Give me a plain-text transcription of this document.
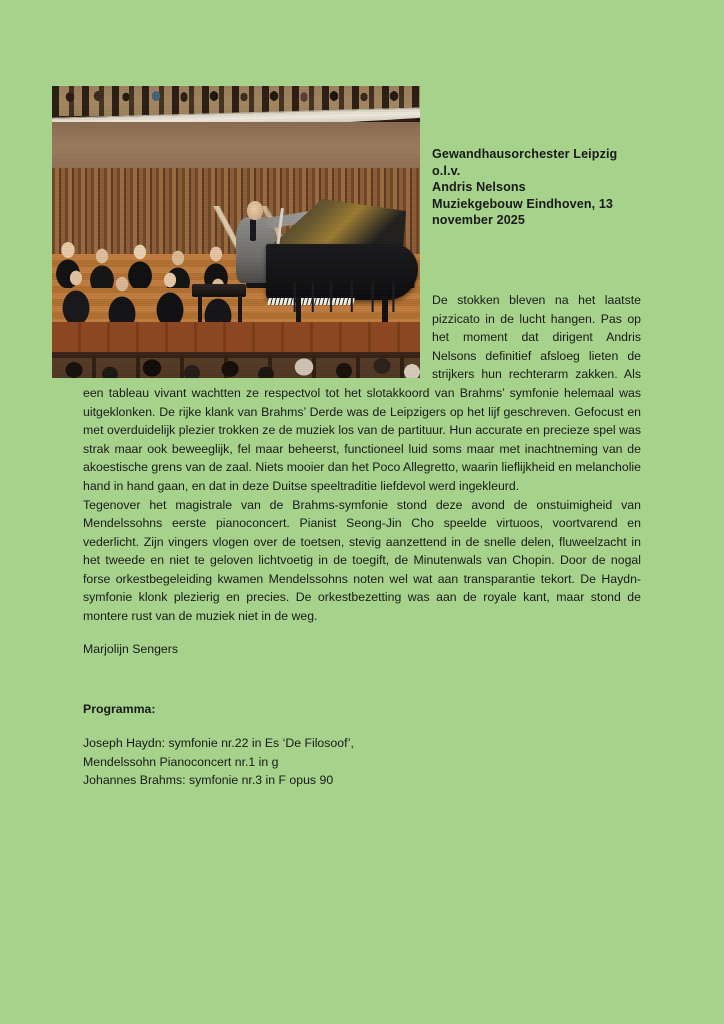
Gewandhausorchester Leipzig o.l.v.
Andris Nelsons
Muziekgebouw Eindhoven, 13
november 2025

De stokken bleven na het laatste pizzicato in de lucht hangen. Pas op het moment dat dirigent Andris Nelsons definitief afsloeg lieten de strijkers hun rechterarm zakken. Als een tableau vivant wachtten ze respectvol tot het slotakkoord van Brahms’ symfonie helemaal was uitgeklonken. De rijke klank van Brahms’ Derde was de Leipzigers op het lijf geschreven. Gefocust en met overduidelijk plezier trokken ze de muziek los van de partituur. Hun accurate en precieze spel was strak maar ook beweeglijk, fel maar beheerst, functioneel luid soms maar met inachtneming van de akoestische grens van de zaal. Niets mooier dan het Poco Allegretto, waarin lieflijkheid en melancholie hand in hand gaan, en dat in deze Duitse speeltraditie liefdevol werd ingekleurd.

Tegenover het magistrale van de Brahms-symfonie stond deze avond de onstuimigheid van Mendelssohns eerste pianoconcert. Pianist Seong-Jin Cho speelde virtuoos, voortvarend en vederlicht. Zijn vingers vlogen over de toetsen, stevig aanzettend in de snelle delen, fluweelzacht in het tweede en niet te geloven lichtvoetig in de toegift, de Minutenwals van Chopin. Door de nogal forse orkestbegeleiding kwamen Mendelssohns noten wel wat aan transparantie tekort. De Haydn-symfonie klonk plezierig en precies. De orkestbezetting was aan de royale kant, maar stond de montere rust van de muziek niet in de weg.

Marjolijn Sengers

Programma:
Joseph Haydn: symfonie nr.22 in Es ‘De Filosoof’,
Mendelssohn Pianoconcert nr.1 in g
Johannes Brahms: symfonie nr.3 in F opus 90
